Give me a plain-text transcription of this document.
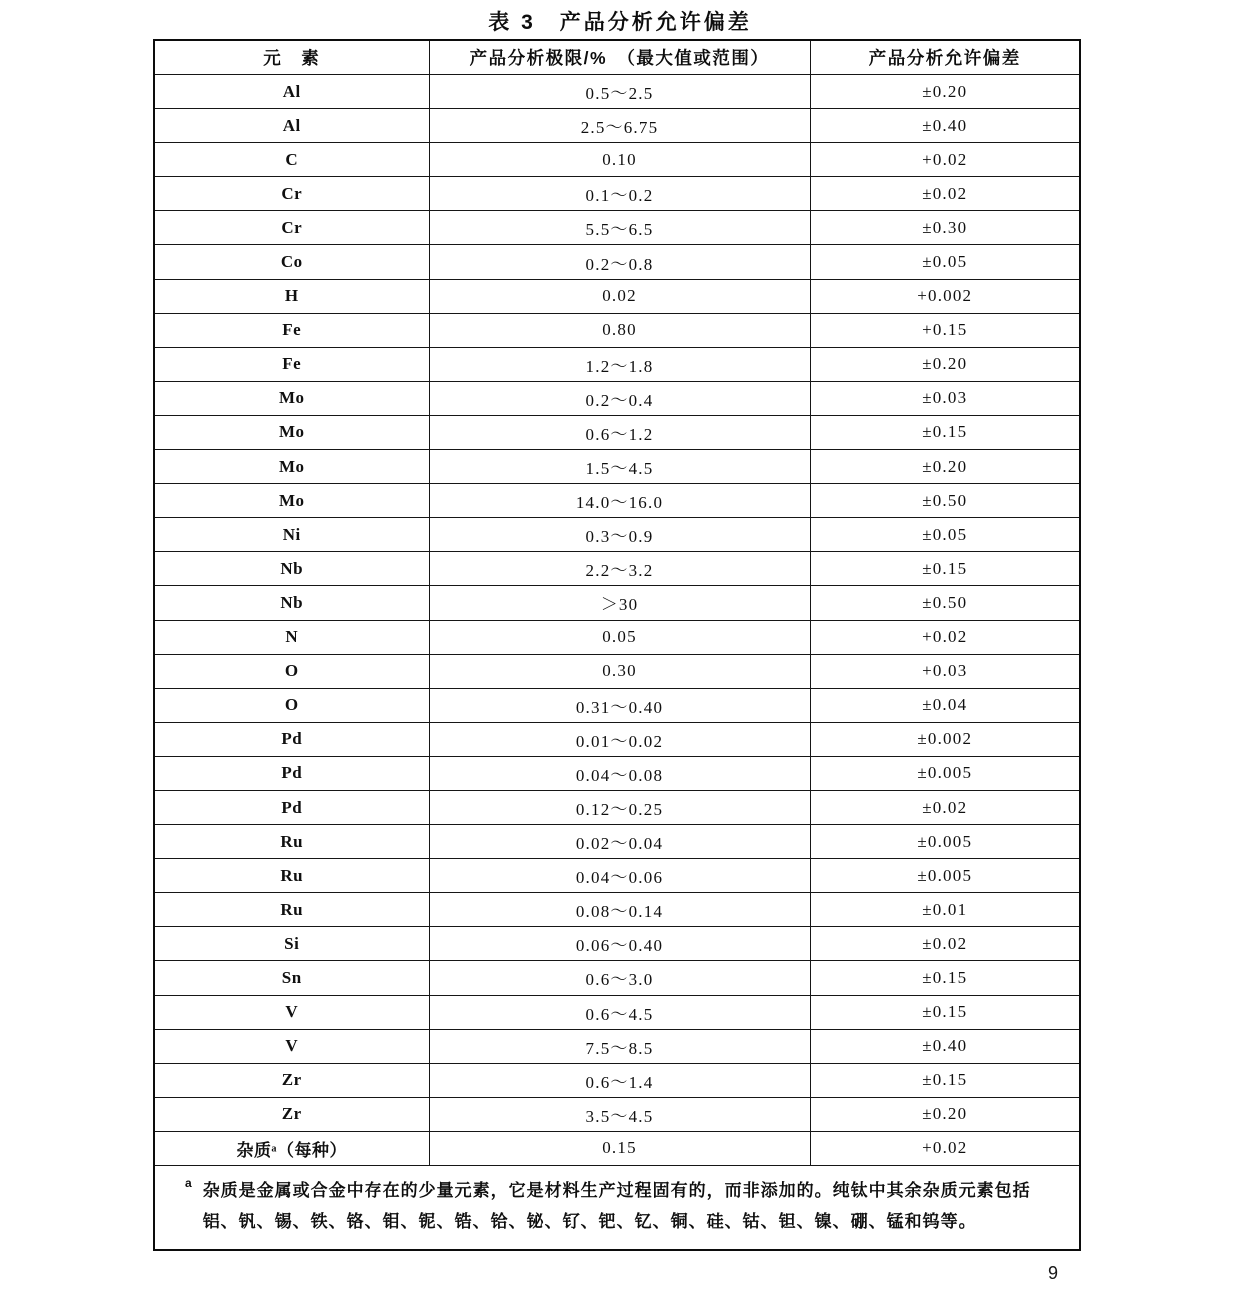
表 3　产品分析允许偏差
元　素	产品分析极限/%　（最大值或范围）	产品分析允许偏差
Al	0.5～2.5	±0.20
Al	2.5～6.75	±0.40
C	0.10	+0.02
Cr	0.1～0.2	±0.02
Cr	5.5～6.5	±0.30
Co	0.2～0.8	±0.05
H	0.02	+0.002
Fe	0.80	+0.15
Fe	1.2～1.8	±0.20
Mo	0.2～0.4	±0.03
Mo	0.6～1.2	±0.15
Mo	1.5～4.5	±0.20
Mo	14.0～16.0	±0.50
Ni	0.3～0.9	±0.05
Nb	2.2～3.2	±0.15
Nb	＞30	±0.50
N	0.05	+0.02
O	0.30	+0.03
O	0.31～0.40	±0.04
Pd	0.01～0.02	±0.002
Pd	0.04～0.08	±0.005
Pd	0.12～0.25	±0.02
Ru	0.02～0.04	±0.005
Ru	0.04～0.06	±0.005
Ru	0.08～0.14	±0.01
Si	0.06～0.40	±0.02
Sn	0.6～3.0	±0.15
V	0.6～4.5	±0.15
V	7.5～8.5	±0.40
Zr	0.6～1.4	±0.15
Zr	3.5～4.5	±0.20
杂质ᵃ（每种）	0.15	+0.02

a 杂质是金属或合金中存在的少量元素，它是材料生产过程固有的，而非添加的。纯钛中其余杂质元素包括铝、钒、锡、铁、铬、钼、铌、锆、铪、铋、钌、钯、钇、铜、硅、钴、钽、镍、硼、锰和钨等。		
9
